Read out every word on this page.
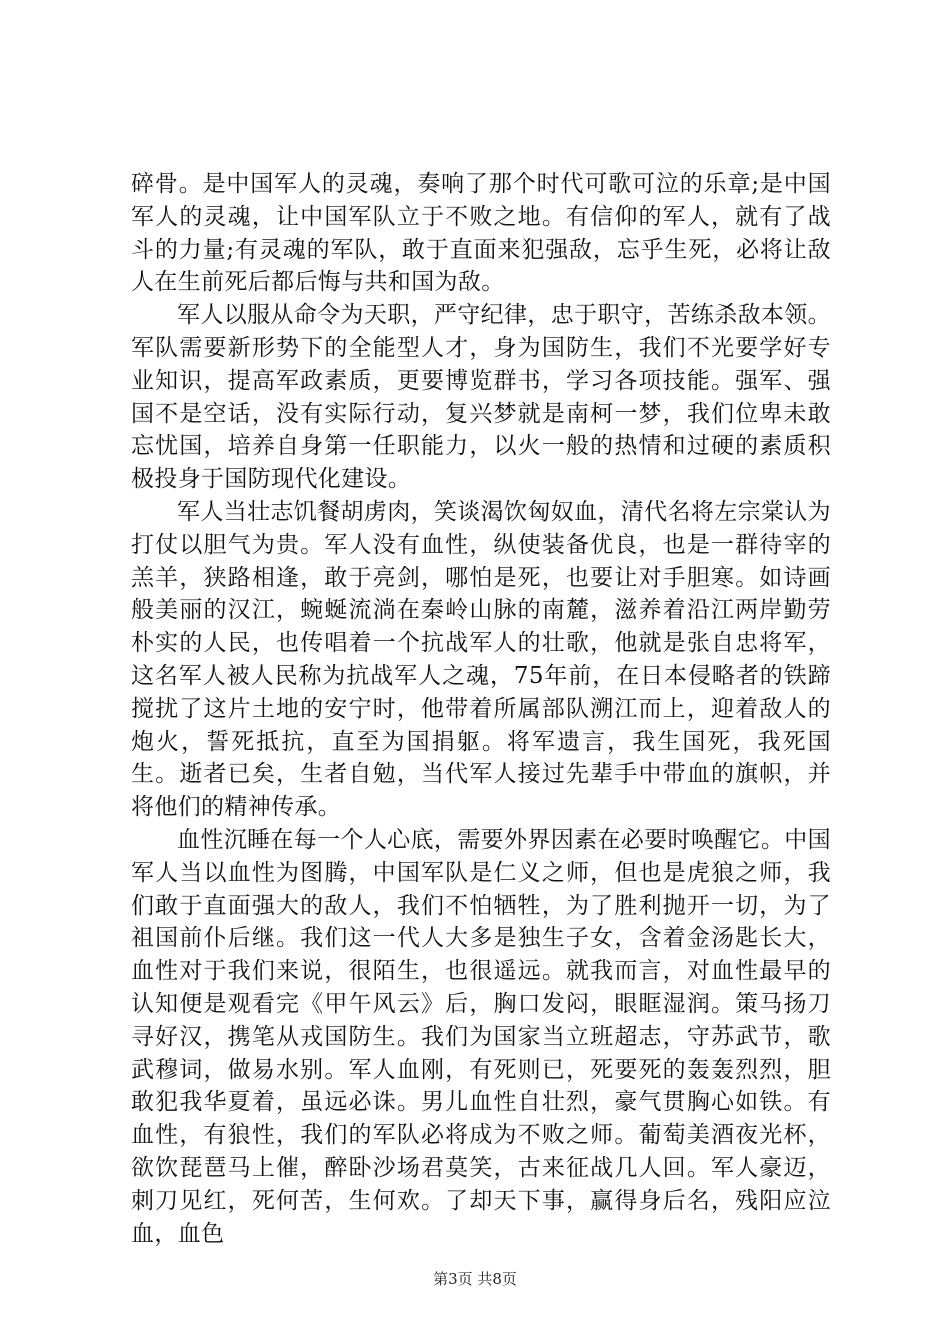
碎骨。是中国军人的灵魂，奏响了那个时代可歌可泣的乐章;是中国军人的灵魂，让中国军队立于不败之地。有信仰的军人，就有了战斗的力量;有灵魂的军队，敢于直面来犯强敌，忘乎生死，必将让敌人在生前死后都后悔与共和国为敌。

军人以服从命令为天职，严守纪律，忠于职守，苦练杀敌本领。军队需要新形势下的全能型人才，身为国防生，我们不光要学好专业知识，提高军政素质，更要博览群书，学习各项技能。强军、强国不是空话，没有实际行动，复兴梦就是南柯一梦，我们位卑未敢忘忧国，培养自身第一任职能力，以火一般的热情和过硬的素质积极投身于国防现代化建设。

军人当壮志饥餐胡虏肉，笑谈渴饮匈奴血，清代名将左宗棠认为打仗以胆气为贵。军人没有血性，纵使装备优良，也是一群待宰的羔羊，狭路相逢，敢于亮剑，哪怕是死，也要让对手胆寒。如诗画般美丽的汉江，蜿蜒流淌在秦岭山脉的南麓，滋养着沿江两岸勤劳朴实的人民，也传唱着一个抗战军人的壮歌，他就是张自忠将军，这名军人被人民称为抗战军人之魂，75年前，在日本侵略者的铁蹄搅扰了这片土地的安宁时，他带着所属部队溯江而上，迎着敌人的炮火，誓死抵抗，直至为国捐躯。将军遗言，我生国死，我死国生。逝者已矣，生者自勉，当代军人接过先辈手中带血的旗帜，并将他们的精神传承。

血性沉睡在每一个人心底，需要外界因素在必要时唤醒它。中国军人当以血性为图腾，中国军队是仁义之师，但也是虎狼之师，我们敢于直面强大的敌人，我们不怕牺牲，为了胜利抛开一切，为了祖国前仆后继。我们这一代人大多是独生子女，含着金汤匙长大，血性对于我们来说，很陌生，也很遥远。就我而言，对血性最早的认知便是观看完《甲午风云》后，胸口发闷，眼眶湿润。策马扬刀寻好汉，携笔从戎国防生。我们为国家当立班超志，守苏武节，歌武穆词，做易水别。军人血刚，有死则已，死要死的轰轰烈烈，胆敢犯我华夏着，虽远必诛。男儿血性自壮烈，豪气贯胸心如铁。有血性，有狼性，我们的军队必将成为不败之师。葡萄美酒夜光杯，欲饮琵琶马上催，醉卧沙场君莫笑，古来征战几人回。军人豪迈，刺刀见红，死何苦，生何欢。了却天下事，赢得身后名，残阳应泣血，血色

第3页 共8页
